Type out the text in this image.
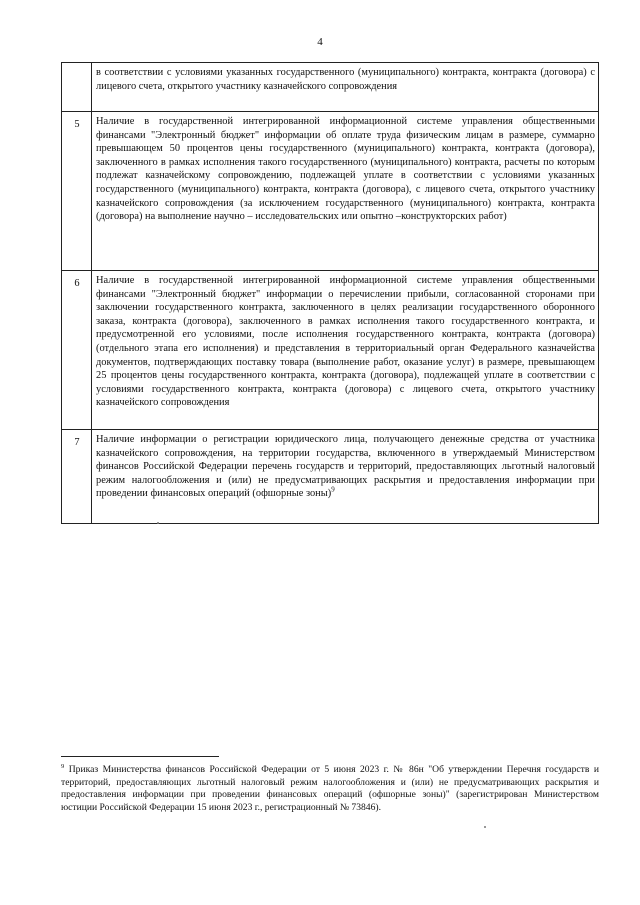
4
	в соответствии с условиями указанных государственного (муниципального) контракта, контракта (договора) с лицевого счета, открытого участнику казначейского сопровождения
5	Наличие в государственной интегрированной информационной системе управления общественными финансами "Электронный бюджет" информации об оплате труда физическим лицам в размере, суммарно превышающем 50 процентов цены государственного (муниципального) контракта, контракта (договора), заключенного в рамках исполнения такого государственного (муниципального) контракта, расчеты по которым подлежат казначейскому сопровождению, подлежащей уплате в соответствии с условиями указанных государственного (муниципального) контракта, контракта (договора), с лицевого счета, открытого участнику казначейского сопровождения (за исключением государственного (муниципального) контракта, контракта (договора) на выполнение научно – исследовательских или опытно –конструкторских работ)
6	Наличие в государственной интегрированной информационной системе управления общественными финансами "Электронный бюджет" информации о перечислении прибыли, согласованной сторонами при заключении государственного контракта, заключенного в целях реализации государственного оборонного заказа, контракта (договора), заключенного в рамках исполнения такого государственного контракта, и предусмотренной его условиями, после исполнения государственного контракта, контракта (договора) (отдельного этапа его исполнения) и представления в территориальный орган Федерального казначейства документов, подтверждающих поставку товара (выполнение работ, оказание услуг) в размере, превышающем 25 процентов цены государственного контракта, контракта (договора), подлежащей уплате в соответствии с условиями государственного контракта, контракта (договора) с лицевого счета, открытого участнику казначейского сопровождения
7	Наличие информации о регистрации юридического лица, получающего денежные средства от участника казначейского сопровождения, на территории государства, включенного в утверждаемый Министерством финансов Российской Федерации перечень государств и территорий, предоставляющих льготный налоговый режим налогообложения и (или) не предусматривающих раскрытия и предоставления информации при проведении финансовых операций (офшорные зоны)$^9$
$^9$ Приказ Министерства финансов Российской Федерации от 5 июня 2023 г. № 86н "Об утверждении Перечня государств и территорий, предоставляющих льготный налоговый режим налогообложения и (или) не предусматривающих раскрытия и предоставления информации при проведении финансовых операций (офшорные зоны)" (зарегистрирован Министерством юстиции Российской Федерации 15 июня 2023 г., регистрационный № 73846).
